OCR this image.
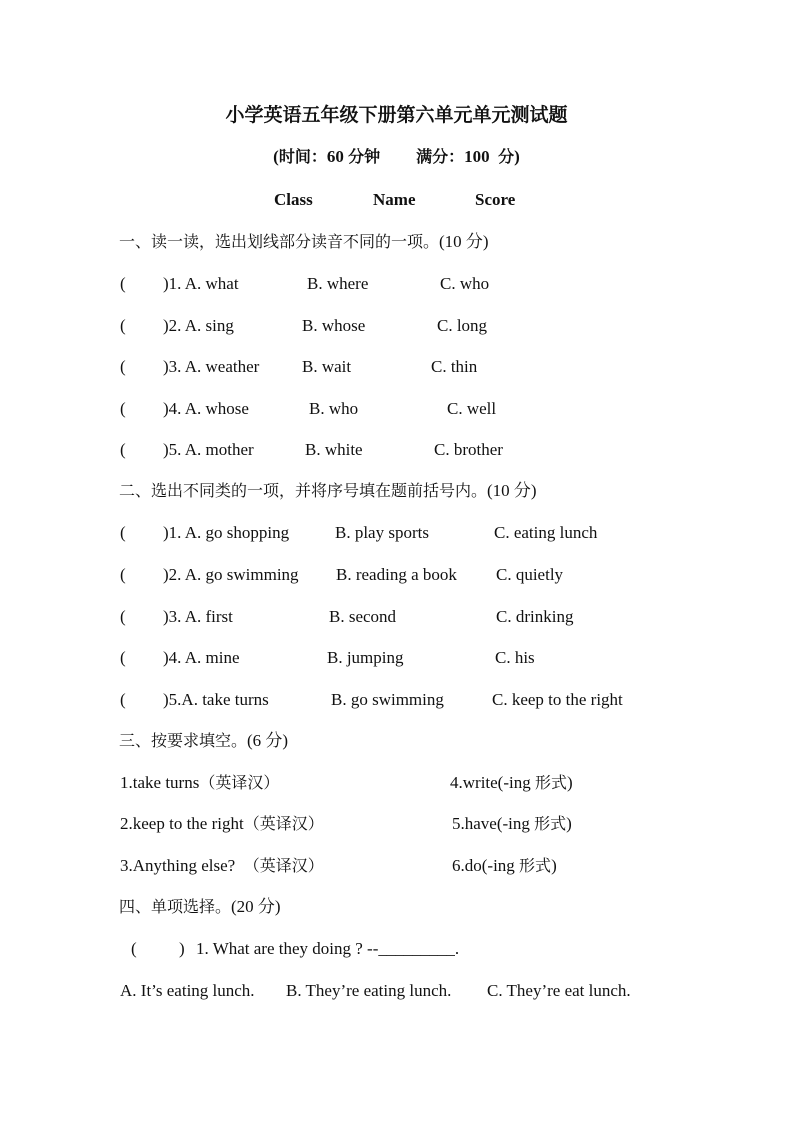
小学英语五年级下册第六单元单元测试题
(时间：60 分钟 满分：100 分)
Class	Name	Score
一、读一读，选出划线部分读音不同的一项。(10 分)
( )1. A. what	B. where	C. who
( )2. A. sing	B. whose	C. long
( )3. A. weather	B. wait	C. thin
( )4. A. whose	B. who	C. well
( )5. A. mother	B. white	C. brother
二、选出不同类的一项，并将序号填在题前括号内。(10 分)
( )1. A. go shopping	B. play sports	C. eating lunch
( )2. A. go swimming B. reading a book C. quietly
( )3. A. first	B. second	C. drinking
( )4. A. mine	B. jumping	C. his
( )5.A. take turns	B. go swimming	C. keep to the right
三、按要求填空。(6 分)
1.take turns（英译汉）	4.write(-ing 形式)
2.keep to the right（英译汉）	5.have(-ing 形式)
3.Anything else? （英译汉）	6.do(-ing 形式)
四、单项选择。(20 分)
( ) 1. What are they doing ? --_________.
A. It’s eating lunch. B. They’re eating lunch. C. They’re eat lunch.
